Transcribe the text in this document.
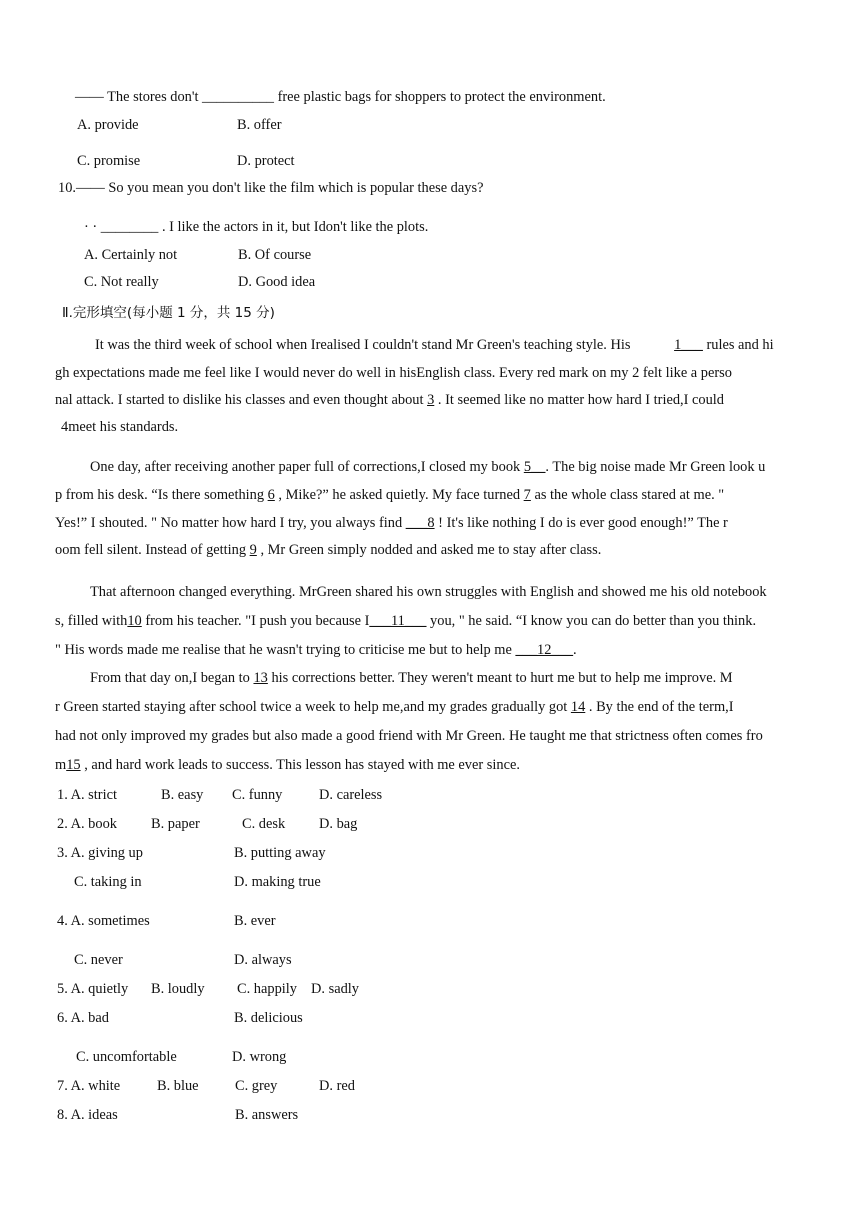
—— The stores don't __________ free plastic bags for shoppers to protect the environment.
A. provide	B. offer
C. promise	D. protect
10.—— So you mean you don't like the film which is popular these days?
· · ________ . I like the actors in it, but Idon't like the plots.
A. Certainly not	B. Of course
C. Not really	D. Good idea
Ⅱ.完形填空(每小题 1 分，共 15 分)
It was the third week of school when Irealised I couldn't stand Mr Green's teaching style. His	1___ rules and hi
gh expectations made me feel like I would never do well in hisEnglish class. Every red mark on my 2 felt like a perso
nal attack. I started to dislike his classes and even thought about 3 . It seemed like no matter how hard I tried,I could
4meet his standards.
One day, after receiving another paper full of corrections,I closed my book 5__. The big noise made Mr Green look u
p from his desk. “Is there something 6 , Mike?” he asked quietly. My face turned 7 as the whole class stared at me. "
Yes!” I shouted. " No matter how hard I try, you always find ___8 ! It's like nothing I do is ever good enough!” The r
oom fell silent. Instead of getting 9 , Mr Green simply nodded and asked me to stay after class.
That afternoon changed everything. MrGreen shared his own struggles with English and showed me his old notebook
s, filled with10 from his teacher. "I push you because I___11___ you, " he said. “I know you can do better than you think.
" His words made me realise that he wasn't trying to criticise me but to help me ___12___.
From that day on,I began to 13 his corrections better. They weren't meant to hurt me but to help me improve. M
r Green started staying after school twice a week to help me,and my grades gradually got 14 . By the end of the term,I
had not only improved my grades but also made a good friend with Mr Green. He taught me that strictness often comes fro
m15 , and hard work leads to success. This lesson has stayed with me ever since.
1. A. strict	B. easy C. funny	D. careless
2. A. book B. paper	C. desk D. bag
3. A. giving up	B. putting away
C. taking in	D. making true
4. A. sometimes	B. ever
C. never	D. always
5. A. quietly B. loudly C. happily D. sadly
6. A. bad	B. delicious
C. uncomfortable	D. wrong
7. A. white	B. blue	C. grey	D. red
8. A. ideas	B. answers
